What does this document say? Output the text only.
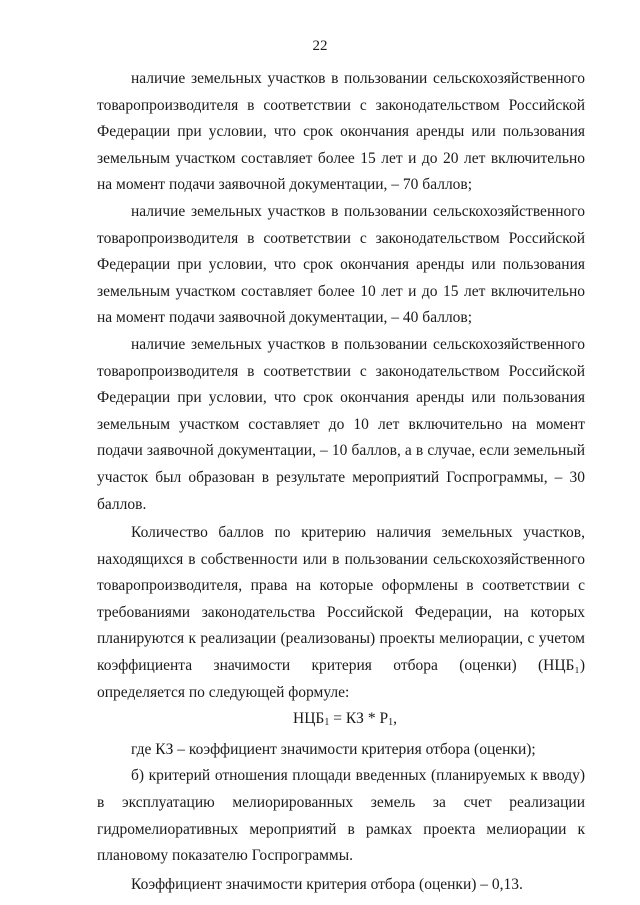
22

наличие земельных участков в пользовании сельскохозяйственного товаропроизводителя в соответствии с законодательством Российской Федерации при условии, что срок окончания аренды или пользования земельным участком составляет более 15 лет и до 20 лет включительно на момент подачи заявочной документации, – 70 баллов;

наличие земельных участков в пользовании сельскохозяйственного товаропроизводителя в соответствии с законодательством Российской Федерации при условии, что срок окончания аренды или пользования земельным участком составляет более 10 лет и до 15 лет включительно на момент подачи заявочной документации, – 40 баллов;

наличие земельных участков в пользовании сельскохозяйственного товаропроизводителя в соответствии с законодательством Российской Федерации при условии, что срок окончания аренды или пользования земельным участком составляет до 10 лет включительно на момент подачи заявочной документации, – 10 баллов, а в случае, если земельный участок был образован в результате мероприятий Госпрограммы, – 30 баллов.

Количество баллов по критерию наличия земельных участков, находящихся в собственности или в пользовании сельскохозяйственного товаропроизводителя, права на которые оформлены в соответствии с требованиями законодательства Российской Федерации, на которых планируются к реализации (реализованы) проекты мелиорации, с учетом коэффициента значимости критерия отбора (оценки) (НЦБ₁) определяется по следующей формуле:

$НЦБ_1$ = КЗ * $Р_1$,

где КЗ – коэффициент значимости критерия отбора (оценки);

б) критерий отношения площади введенных (планируемых к вводу) в эксплуатацию мелиорированных земель за счет реализации гидромелиоративных мероприятий в рамках проекта мелиорации к плановому показателю Госпрограммы.

Коэффициент значимости критерия отбора (оценки) – 0,13.
